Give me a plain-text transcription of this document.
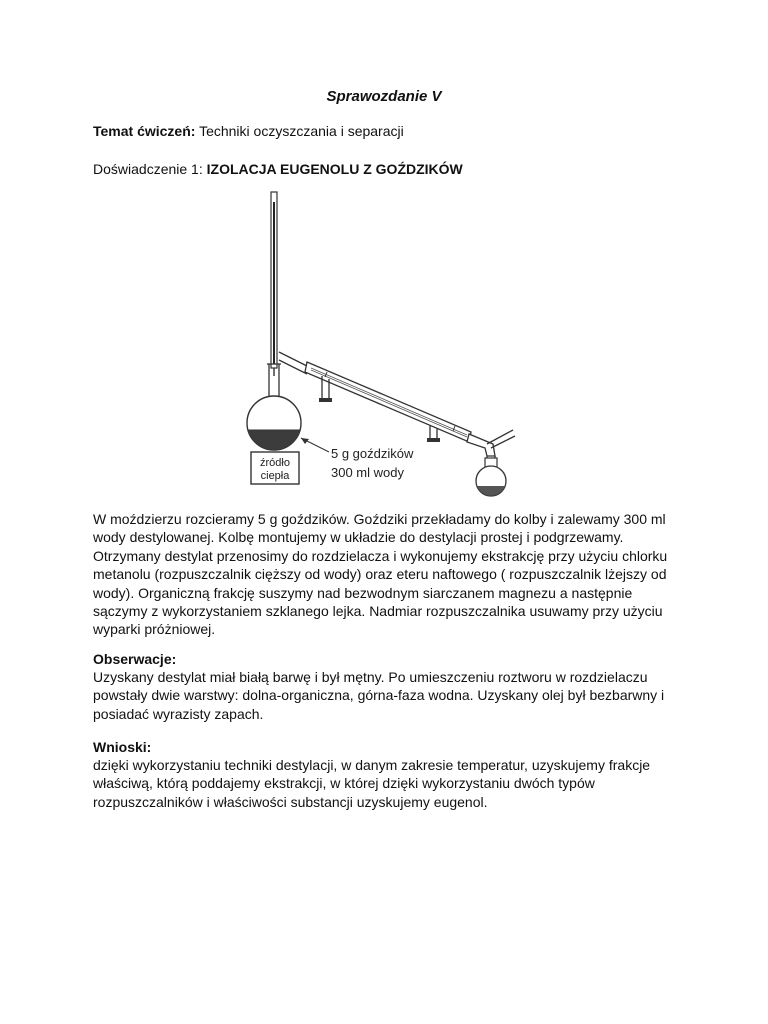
Sprawozdanie V
Temat ćwiczeń: Techniki oczyszczania i separacji
Doświadczenie 1: IZOLACJA EUGENOLU Z GOŹDZIKÓW
źródło
ciepła
5 g goździków
300 ml wody
W moździerzu rozcieramy 5 g goździków. Goździki przekładamy do kolby i zalewamy 300 ml
wody destylowanej. Kolbę montujemy w układzie do destylacji prostej i podgrzewamy.
Otrzymany destylat przenosimy do rozdzielacza i wykonujemy ekstrakcję przy użyciu chlorku
metanolu (rozpuszczalnik cięższy od wody) oraz eteru naftowego ( rozpuszczalnik lżejszy od
wody). Organiczną frakcję suszymy nad bezwodnym siarczanem magnezu a następnie
sączymy z wykorzystaniem szklanego lejka. Nadmiar rozpuszczalnika usuwamy przy użyciu
wyparki próżniowej.
Obserwacje:
Uzyskany destylat miał białą barwę i był mętny. Po umieszczeniu roztworu w rozdzielaczu
powstały dwie warstwy: dolna-organiczna, górna-faza wodna. Uzyskany olej był bezbarwny i
posiadać wyrazisty zapach.
Wnioski:
dzięki wykorzystaniu techniki destylacji, w danym zakresie temperatur, uzyskujemy frakcje
właściwą, którą poddajemy ekstrakcji, w której dzięki wykorzystaniu dwóch typów
rozpuszczalników i właściwości substancji uzyskujemy eugenol.
